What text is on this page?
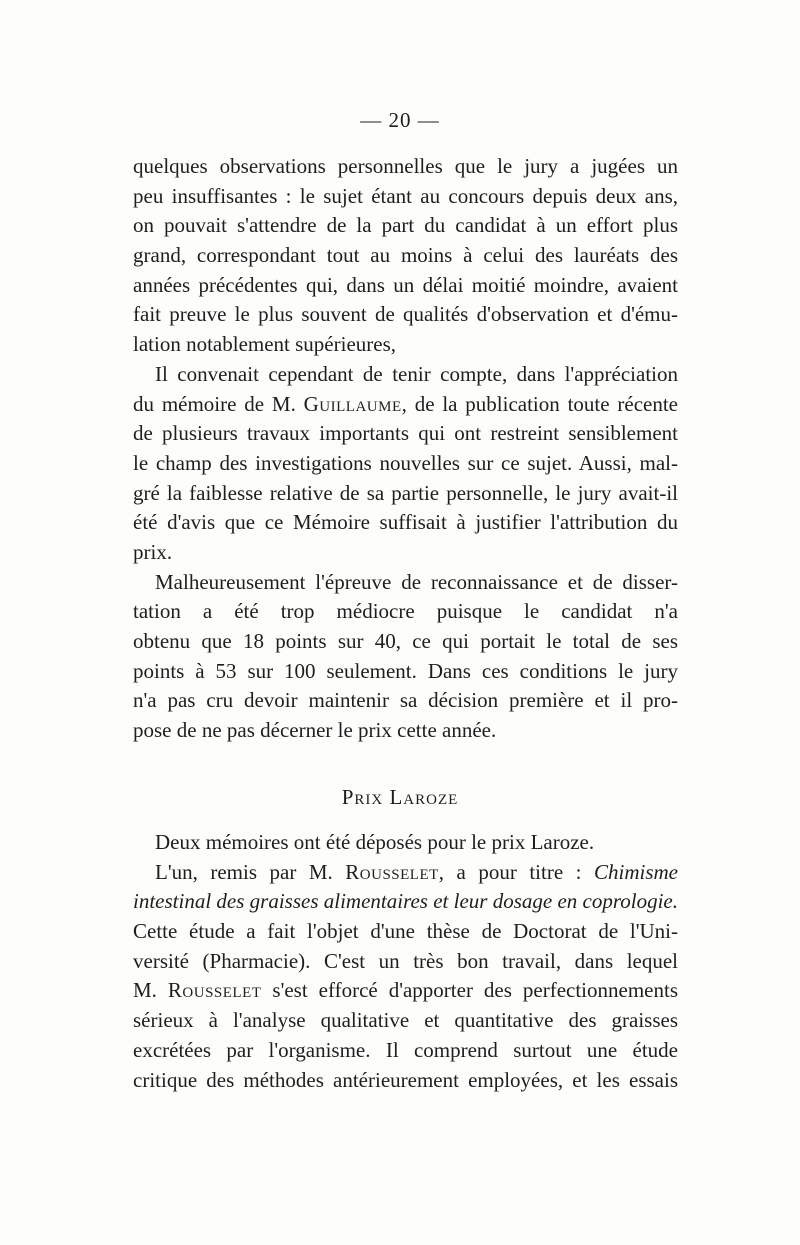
— 20 —
quelques observations personnelles que le jury a jugées un
peu insuffisantes : le sujet étant au concours depuis deux ans,
on pouvait s'attendre de la part du candidat à un effort plus
grand, correspondant tout au moins à celui des lauréats des
années précédentes qui, dans un délai moitié moindre, avaient
fait preuve le plus souvent de qualités d'observation et d'ému-
lation notablement supérieures,
Il convenait cependant de tenir compte, dans l'appréciation
du mémoire de M. Guillaume, de la publication toute récente
de plusieurs travaux importants qui ont restreint sensiblement
le champ des investigations nouvelles sur ce sujet. Aussi, mal-
gré la faiblesse relative de sa partie personnelle, le jury avait-il
été d'avis que ce Mémoire suffisait à justifier l'attribution du
prix.
Malheureusement l'épreuve de reconnaissance et de disser-
tation a été trop médiocre puisque le candidat n'a
obtenu que 18 points sur 40, ce qui portait le total de ses
points à 53 sur 100 seulement. Dans ces conditions le jury
n'a pas cru devoir maintenir sa décision première et il pro-
pose de ne pas décerner le prix cette année.
Prix Laroze
Deux mémoires ont été déposés pour le prix Laroze.
L'un, remis par M. Rousselet, a pour titre : Chimisme
intestinal des graisses alimentaires et leur dosage en coprologie.
Cette étude a fait l'objet d'une thèse de Doctorat de l'Uni-
versité (Pharmacie). C'est un très bon travail, dans lequel
M. Rousselet s'est efforcé d'apporter des perfectionnements
sérieux à l'analyse qualitative et quantitative des graisses
excrétées par l'organisme. Il comprend surtout une étude
critique des méthodes antérieurement employées, et les essais
